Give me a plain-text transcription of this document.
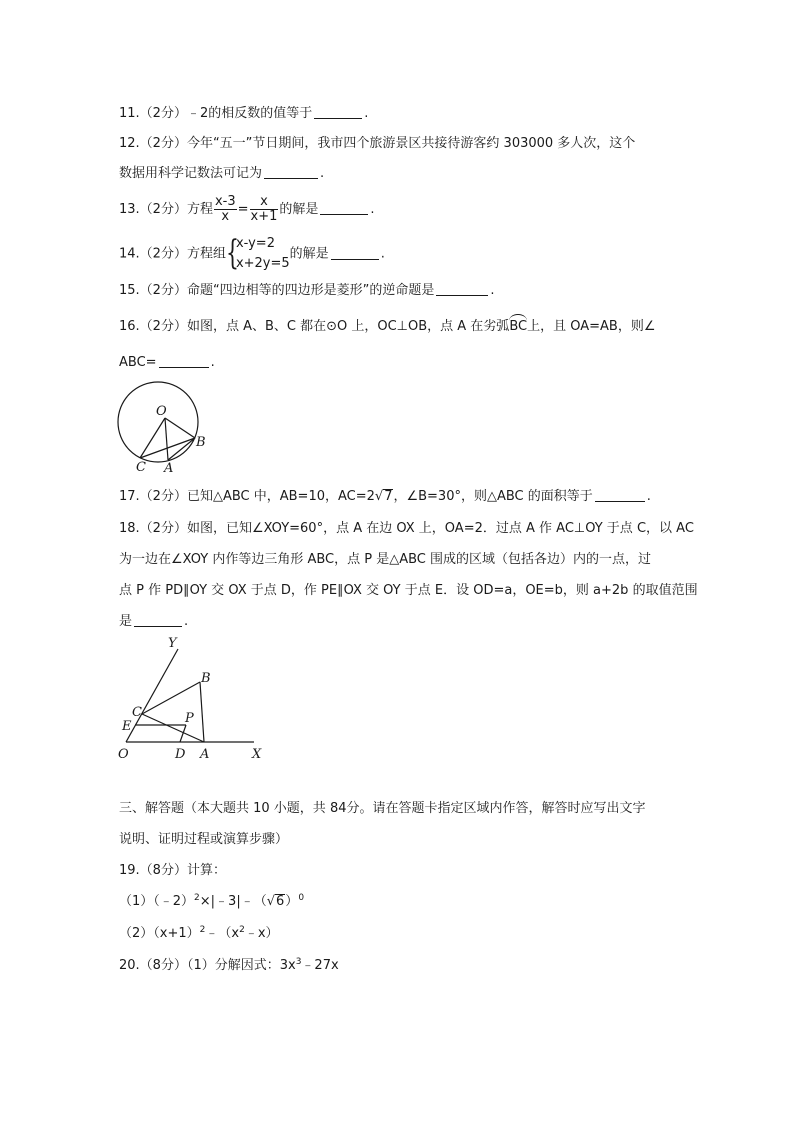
11.（2分）﹣2的相反数的值等于	.
12.（2分）今年“五一”节日期间，我市四个旅游景区共接待游客约 303000 多人次，这个
数据用科学记数法可记为	.
13.（2分）方程 $\frac{x-3}{x} = \frac{x}{x+1}$ 的解是	.
14.（2分）方程组 {
x-y=2
x+2y=5
的解是	.
15.（2分）命题“四边相等的四边形是菱形”的逆命题是	.
16.（2分）如图，点 A、B、C 都在⊙O 上，OC⊥OB，点 A 在劣弧BC上，且 OA=AB，则∠
ABC=	.
O
B
C A
17.（2分）已知△ABC 中，AB=10，AC=2√7，∠B=30°，则△ABC 的面积等于	.
18.（2分）如图，已知∠XOY=60°，点 A 在边 OX 上，OA=2．过点 A 作 AC⊥OY 于点 C，以 AC
为一边在∠XOY 内作等边三角形 ABC，点 P 是△ABC 围成的区域（包括各边）内的一点，过
点 P 作 PD∥OY 交 OX 于点 D，作 PE∥OX 交 OY 于点 E．设 OD=a，OE=b，则 a+2b 的取值范围
是	.
Y
B
C	P
E
O	D A	X
三、解答题（本大题共 10 小题，共 84分。请在答题卡指定区域内作答，解答时应写出文字
说明、证明过程或演算步骤）
19.（8分）计算：
$(1)(﹣2)^2\times|﹣3|﹣(√6)^0$
$(2)(x+1)^2﹣(x^2﹣x)$
20.（8分）（1）分解因式：$3x^3﹣27x$
